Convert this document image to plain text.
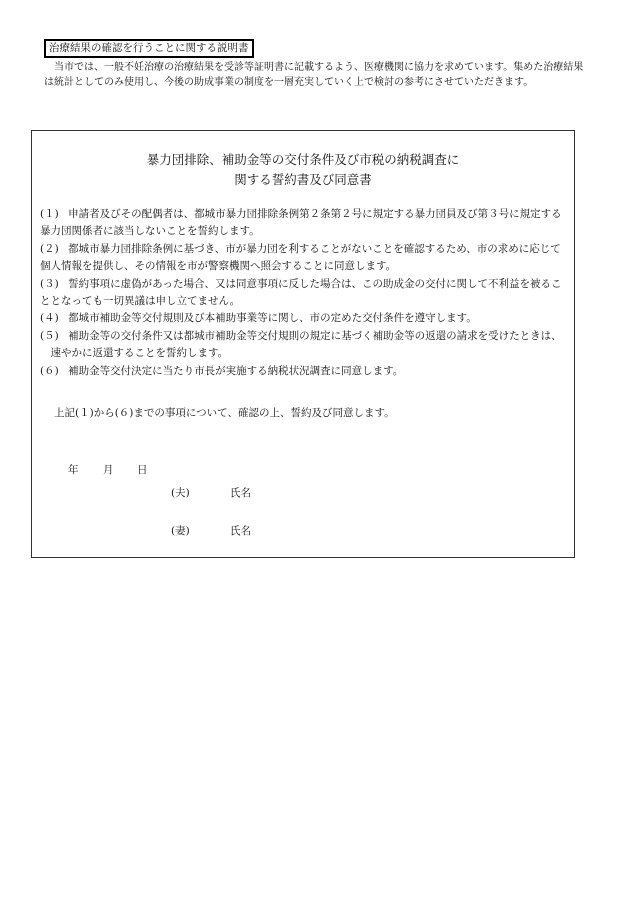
治療結果の確認を行うことに関する説明書

当市では、一般不妊治療の治療結果を受診等証明書に記載するよう、医療機関に協力を求めています。集めた治療結果は統計としてのみ使用し、今後の助成事業の制度を一層充実していく上で検討の参考にさせていただきます。

暴力団排除、補助金等の交付条件及び市税の納税調査に
関する誓約書及び同意書

(１) 申請者及びその配偶者は、都城市暴力団排除条例第２条第２号に規定する暴力団員及び第３号に規定する暴力団関係者に該当しないことを誓約します。

(２) 都城市暴力団排除条例に基づき、市が暴力団を利することがないことを確認するため、市の求めに応じて個人情報を提供し、その情報を市が警察機関へ照会することに同意します。

(３) 誓約事項に虚偽があった場合、又は同意事項に反した場合は、この助成金の交付に関して不利益を被ることとなっても一切異議は申し立てません。

(４) 都城市補助金等交付規則及び本補助事業等に関し、市の定めた交付条件を遵守します。

(５) 補助金等の交付条件又は都城市補助金等交付規則の規定に基づく補助金等の返還の請求を受けたときは、速やかに返還することを誓約します。

(６) 補助金等交付決定に当たり市長が実施する納税状況調査に同意します。

上記(１)から(６)までの事項について、確認の上、誓約及び同意します。
年 月 日
(夫)	氏名
(妻)	氏名
